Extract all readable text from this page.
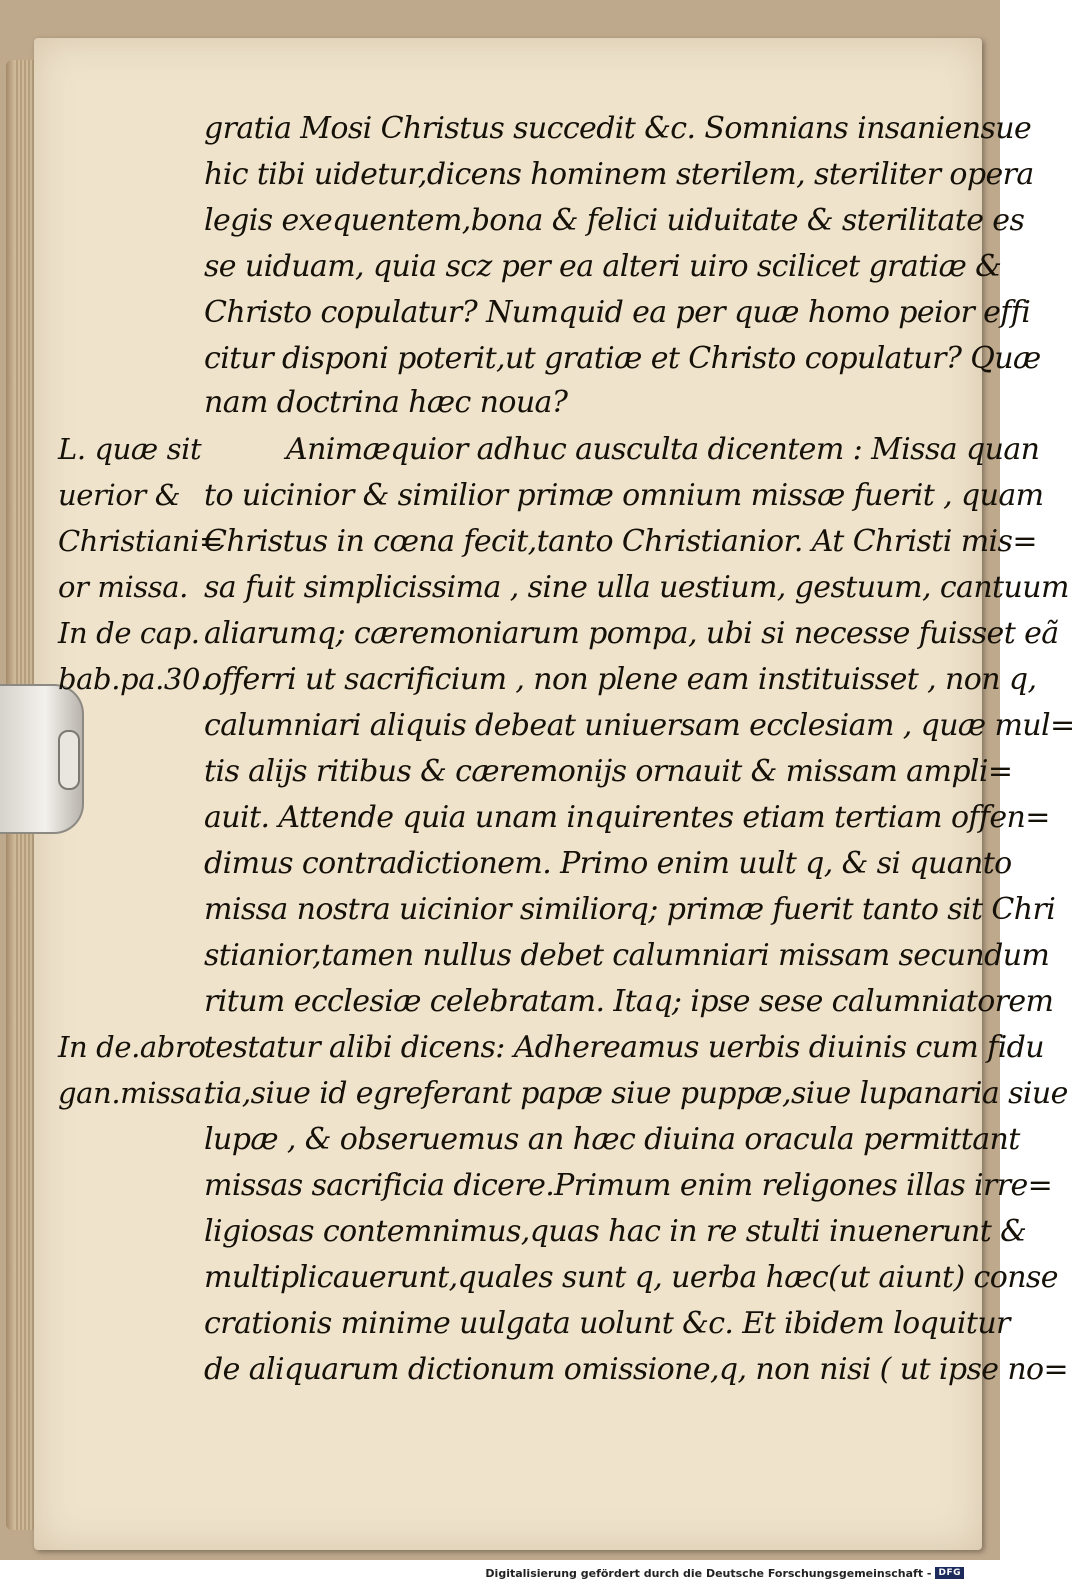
gratia Mosi Christus succedit &c. Somnians insaniensue
hic tibi uidetur,dicens hominem sterilem, steriliter opera
legis exequentem,bona & felici uiduitate & sterilitate es
se uiduam, quia scz per ea alteri uiro scilicet gratiæ &
Christo copulatur? Numquid ea per quæ homo peior effi
citur disponi poterit,ut gratiæ et Christo copulatur? Quæ
nam doctrina hæc noua?
Animæquior adhuc ausculta dicentem : Missa quan
to uicinior & similior primæ omnium missæ fuerit , quam
Christus in cœna fecit,tanto Christianior. At Christi mis=
sa fuit simplicissima , sine ulla uestium, gestuum, cantuum
aliarumq; cæremoniarum pompa, ubi si necesse fuisset eã
offerri ut sacrificium , non plene eam instituisset , non q,
calumniari aliquis debeat uniuersam ecclesiam , quæ mul=
tis alijs ritibus & cæremonijs ornauit & missam ampli=
auit. Attende quia unam inquirentes etiam tertiam offen=
dimus contradictionem. Primo enim uult q, & si quanto
missa nostra uicinior similiorq; primæ fuerit tanto sit Chri
stianior,tamen nullus debet calumniari missam secundum
ritum ecclesiæ celebratam. Itaq; ipse sese calumniatorem
testatur alibi dicens: Adhereamus uerbis diuinis cum fidu
tia,siue id egreferant papæ siue puppæ,siue lupanaria siue
lupæ , & obseruemus an hæc diuina oracula permittant
missas sacrificia dicere.Primum enim religones illas irre=
ligiosas contemnimus,quas hac in re stulti inuenerunt &
multiplicauerunt,quales sunt q, uerba hæc(ut aiunt) conse
crationis minime uulgata uolunt &c. Et ibidem loquitur
de aliquarum dictionum omissione,q, non nisi ( ut ipse no=
L. quæ sit
uerior &
Christiani=
or missa.
In de cap.
bab.pa.30.
In de.abro
gan.missa.
Digitalisierung gefördert durch die Deutsche Forschungsgemeinschaft - DFG
